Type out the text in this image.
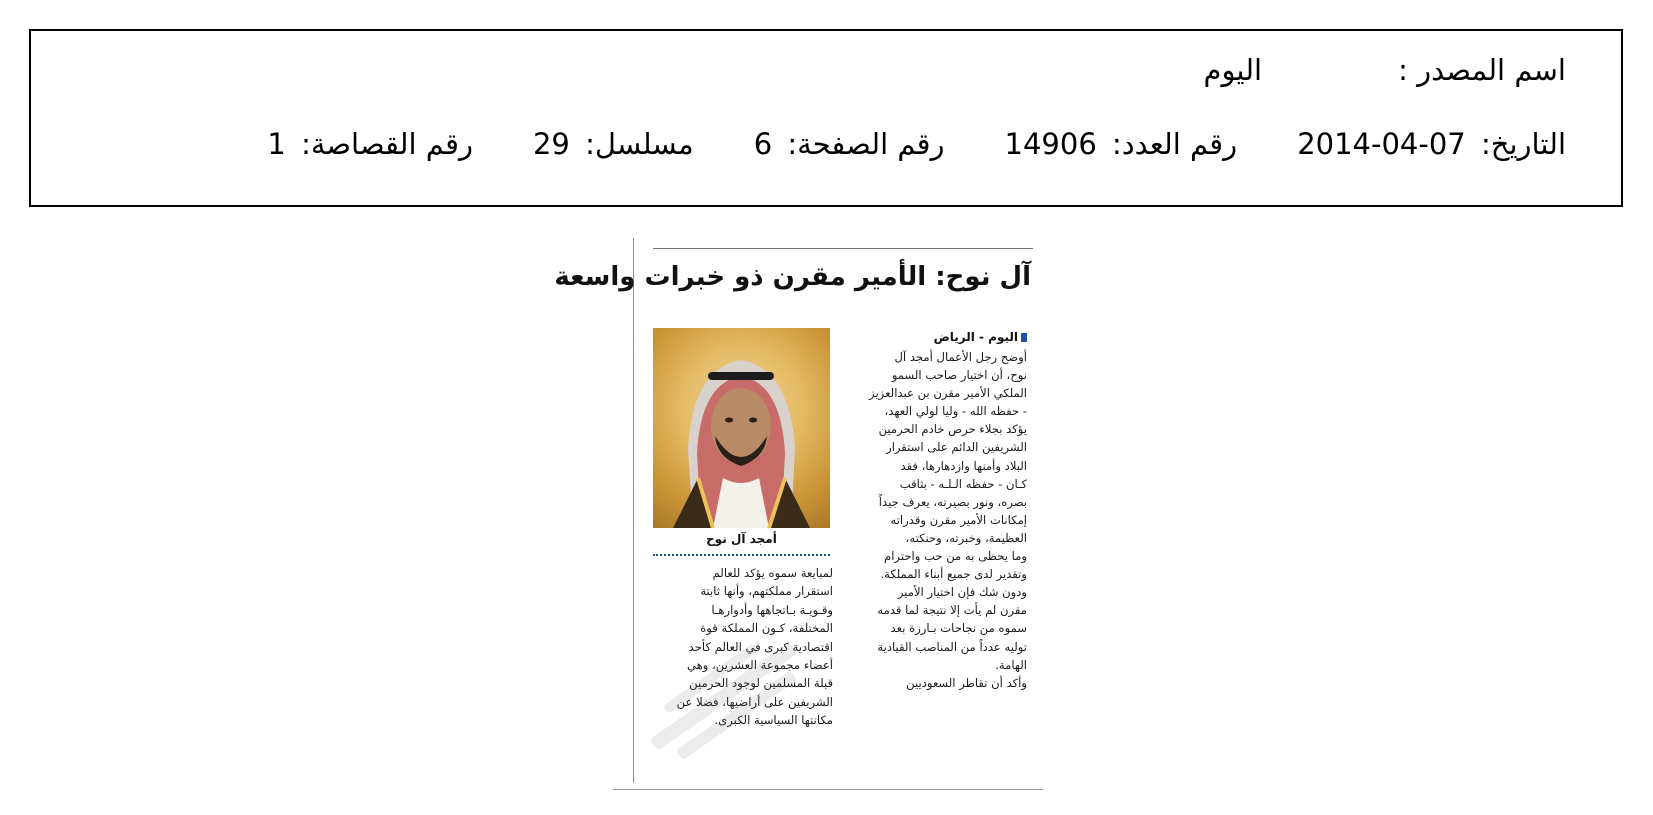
اسم المصدر :
اليوم
التاريخ: 2014-04-07
رقم العدد: 14906
رقم الصفحة: 6
مسلسل: 29
رقم القصاصة: 1
آل نوح: الأمير مقرن ذو خبرات واسعة
اليوم - الرياض

أوضح رجل الأعمال أمجد آل

نوح، أن اختيار صاحب السمو

الملكي الأمير مقرن بن عبدالعزيز

- حفظه الله - وليا لولي العهد،

يؤكد بجلاء حرص خادم الحرمين

الشريفين الدائم على استقرار

البلاد وأمنها وازدهارها، فقد

كـان - حفظه الـلـه - بثاقب

بصره، ونور بصيرته، يعرف جيداً

إمكانات الأمير مقرن وقدراته

العظيمة، وخبرته، وحنكته،

وما يحظى به من حب واحترام

وتقدير لدى جميع أبناء المملكة.

ودون شك فإن اختيار الأمير

مقرن لم يأت إلا نتيجة لما قدمه

سموه من نجاحات بـارزة بعد

توليه عدداً من المناصب القيادية

الهامة.

وأكد أن تقاطر السعوديين

أمجد آل نوح

لمبايعة سموه يؤكد للعالم

استقرار مملكتهم، وأنها ثابتة

وقـويـة بـاتجاهها وأدوارهـا

المختلفة، كـون المملكة قوة

اقتصادية كبرى في العالم كأحد

أعضاء مجموعة العشرين، وهي

قبلة المسلمين لوجود الحرمين

الشريفين على أراضيها، فضلا عن

مكانتها السياسية الكبرى.
